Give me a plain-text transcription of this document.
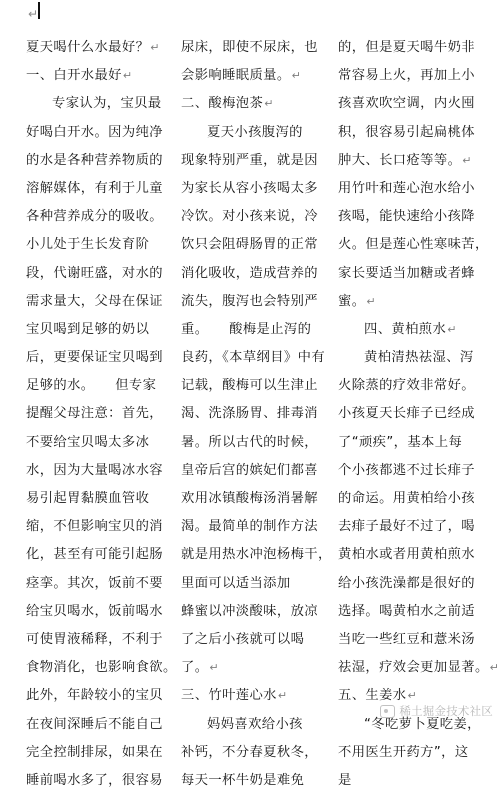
↵
夏天喝什么水最好？↵
一、白开水最好↵
专家认为，宝贝最
好喝白开水。因为纯净
的水是各种营养物质的
溶解媒体，有利于儿童
各种营养成分的吸收。
小儿处于生长发育阶
段，代谢旺盛，对水的
需求量大，父母在保证
宝贝喝到足够的奶以
后，更要保证宝贝喝到
足够的水。　　但专家
提醒父母注意：首先，
不要给宝贝喝太多冰
水，因为大量喝冰水容
易引起胃黏膜血管收
缩，不但影响宝贝的消
化，甚至有可能引起肠
痉挛。其次，饭前不要
给宝贝喝水，饭前喝水
可使胃液稀释，不利于
食物消化，也影响食欲。
此外，年龄较小的宝贝
在夜间深睡后不能自己
完全控制排尿，如果在
睡前喝水多了，很容易
尿床，即使不尿床，也
会影响睡眠质量。↵
二、酸梅泡茶↵
夏天小孩腹泻的
现象特别严重，就是因
为家长从容小孩喝太多
冷饮。对小孩来说，冷
饮只会阻碍肠胃的正常
消化吸收，造成营养的
流失，腹泻也会特别严
重。　　酸梅是止泻的
良药，《本草纲目》中有
记载，酸梅可以生津止
渴、洗涤肠胃、排毒消
暑。所以古代的时候，
皇帝后宫的嫔妃们都喜
欢用冰镇酸梅汤消暑解
渴。最简单的制作方法
就是用热水冲泡杨梅干，
里面可以适当添加
蜂蜜以冲淡酸味，放凉
了之后小孩就可以喝
了。↵
三、竹叶莲心水↵
妈妈喜欢给小孩
补钙，不分春夏秋冬，
每天一杯牛奶是难免
的，但是夏天喝牛奶非
常容易上火，再加上小
孩喜欢吹空调，内火囤
积，很容易引起扁桃体
肿大、长口疮等等。↵
用竹叶和莲心泡水给小
孩喝，能快速给小孩降
火。但是莲心性寒味苦，
家长要适当加糖或者蜂
蜜。↵
四、黄柏煎水↵
黄柏清热祛湿、泻
火除蒸的疗效非常好。
小孩夏天长痱子已经成
了“顽疾”，基本上每
个小孩都逃不过长痱子
的命运。用黄柏给小孩
去痱子最好不过了，喝
黄柏水或者用黄柏煎水
给小孩洗澡都是很好的
选择。喝黄柏水之前适
当吃一些红豆和薏米汤
祛湿，疗效会更加显著。↵
五、生姜水↵
“冬吃萝卜夏吃姜，
不用医生开药方”，这
是
稀土掘金技术社区
